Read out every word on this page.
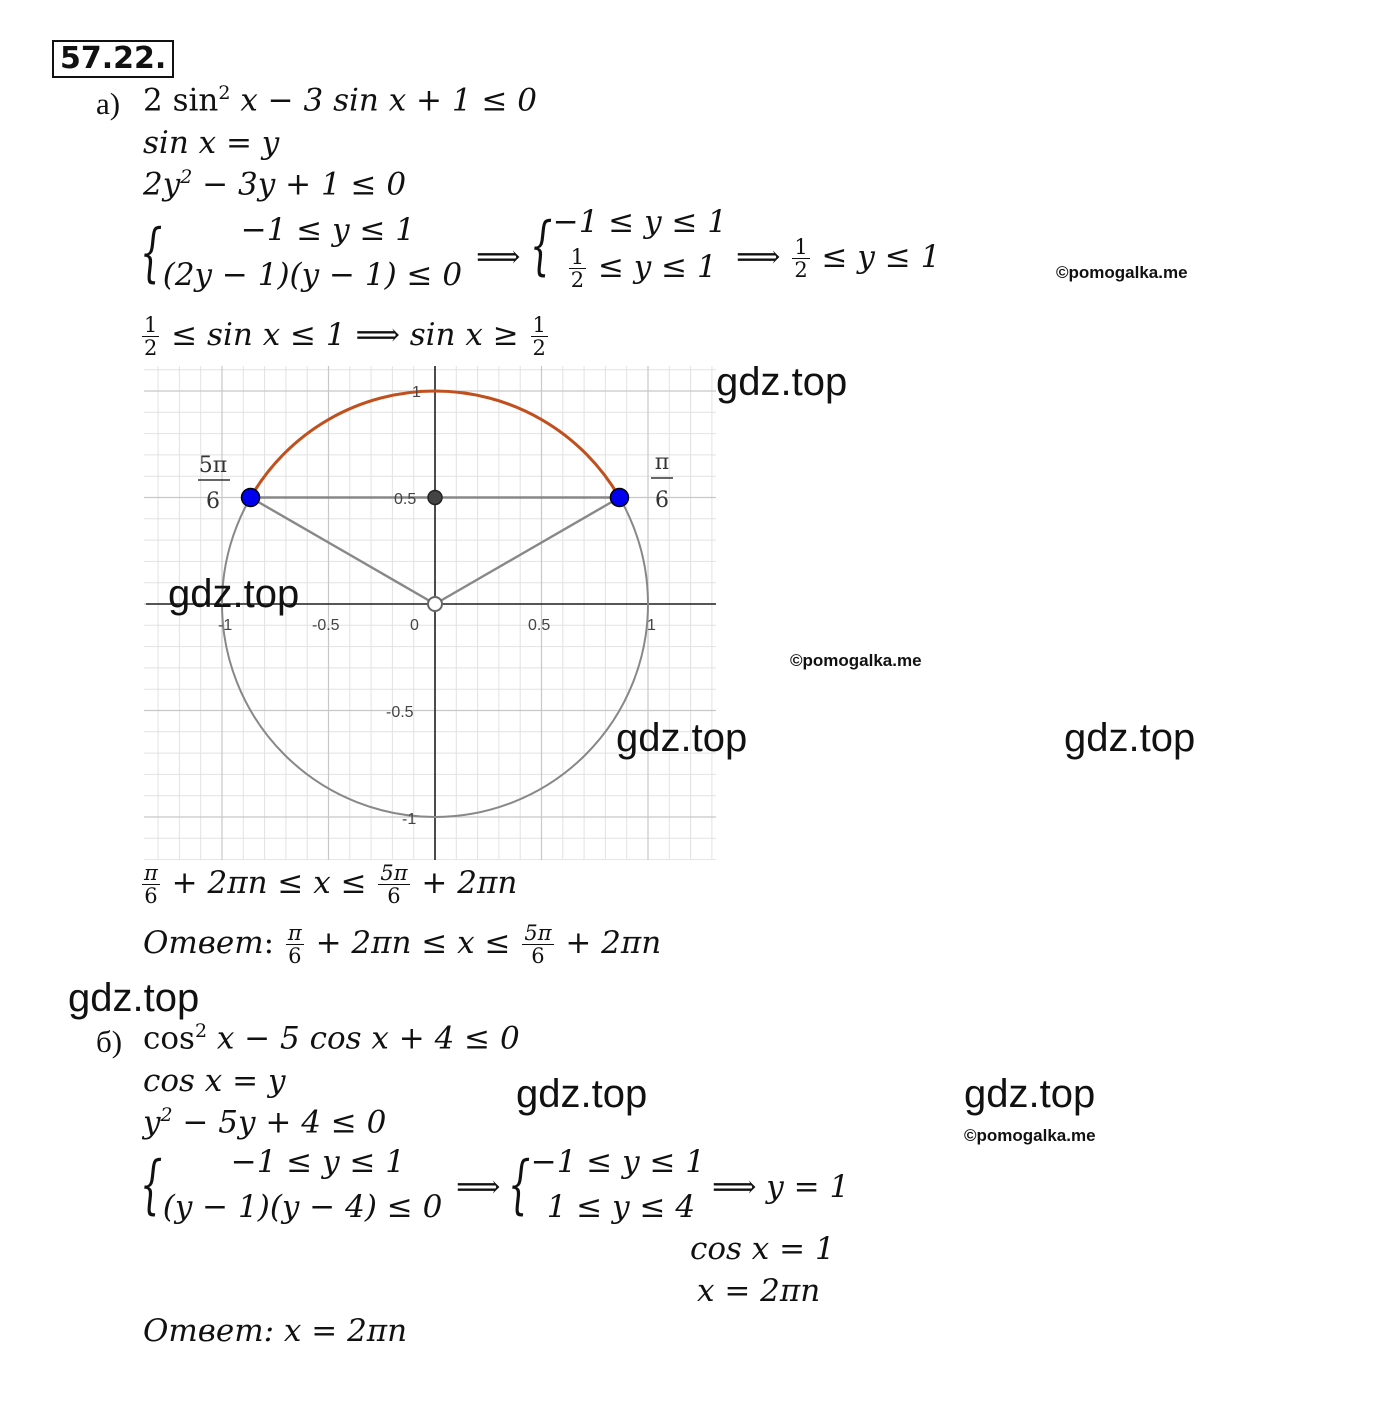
57.22.
а) 2 $\sin^2 x - 3$ sin x + 1 ≤ 0
sin x = y
$2y^2 - 3y + 1 \le 0$
{	−1 ≤ y ≤ 1
(2y − 1)(y − 1) ≤ 0 ⟹ { −1 ≤ y ≤ 1
$\frac{1}{2} \le y \le 1$ ⟹ $\frac{1}{2} \le y \le 1$
$\frac{1}{2} \le \sin x \le 1$ ⟹ $\sin x \ge \frac{1}{2}$
-1	-0.5	0	0.5	1
1
0.5
-0.5
-1
5π
6
π
6
$\frac{\pi}{6} + 2\pi n \le x \le \frac{5\pi}{6} + 2\pi n$
Ответ: $\frac{\pi}{6} + 2\pi n \le x \le \frac{5\pi}{6} + 2\pi n$
б) $\cos^2 x - 5$ cos x + 4 ≤ 0
cos x = y
$y^2 - 5y + 4 \le 0$
{	−1 ≤ y ≤ 1
(y − 1)(y − 4) ≤ 0
⟹ { −1 ≤ y ≤ 1
1 ≤ y ≤ 4
⟹ y = 1
cos x = 1
x = 2πn
Ответ: x = 2πn
gdz.top
gdz.top
gdz.top	gdz.top
gdz.top
gdz.top	gdz.top
©pomogalka.me
©pomogalka.me
©pomogalka.me
